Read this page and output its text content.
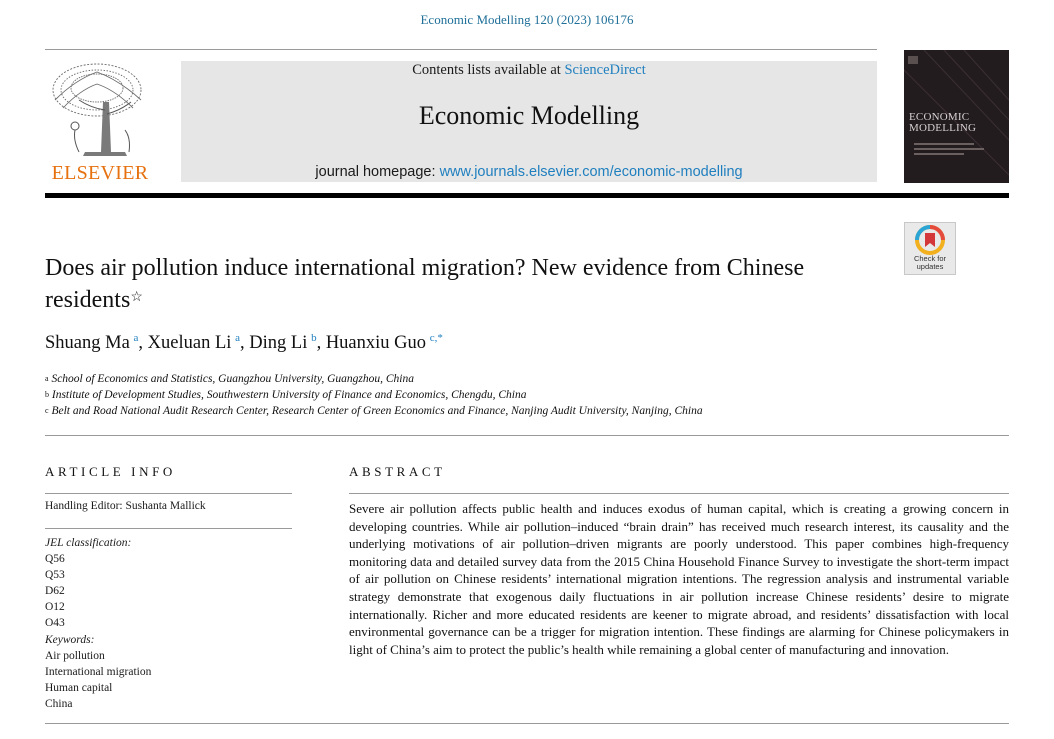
Economic Modelling 120 (2023) 106176
ELSEVIER
Contents lists available at ScienceDirect
Economic Modelling
journal homepage: www.journals.elsevier.com/economic-modelling
ECONOMIC MODELLING
Check for updates
Does air pollution induce international migration? New evidence from Chinese residents☆
Shuang Ma  $^a$, Xueluan Li  $^a$, Ding Li  $^b$, Huanxiu Guo  $^{c,*}$
$^a$ School of Economics and Statistics, Guangzhou University, Guangzhou, China
$^b$ Institute of Development Studies, Southwestern University of Finance and Economics, Chengdu, China
$^c$ Belt and Road National Audit Research Center, Research Center of Green Economics and Finance, Nanjing Audit University, Nanjing, China
ARTICLE INFO
Handling Editor: Sushanta Mallick
JEL classification:
Q56
Q53
D62
O12
O43
Keywords:
Air pollution
International migration
Human capital
China
ABSTRACT
Severe air pollution affects public health and induces exodus of human capital, which is creating a growing concern in developing countries. While air pollution–induced “brain drain” has received much research interest, its causality and the underlying motivations of air pollution–driven migrants are poorly understood. This paper combines high-frequency monitoring data and detailed survey data from the 2015 China Household Finance Survey to investigate the short-term impact of air pollution on Chinese residents’ international migration intentions. The regression analysis and instrumental variable strategy demonstrate that exogenous daily fluctuations in air pollution increase Chinese residents’ desire to migrate internationally. Richer and more educated residents are keener to migrate abroad, and residents’ dissatisfaction with local environmental governance can be a trigger for migration intention. These findings are alarming for Chinese policymakers in light of China’s aim to protect the public’s health while remaining a global center of manufacturing and innovation.
